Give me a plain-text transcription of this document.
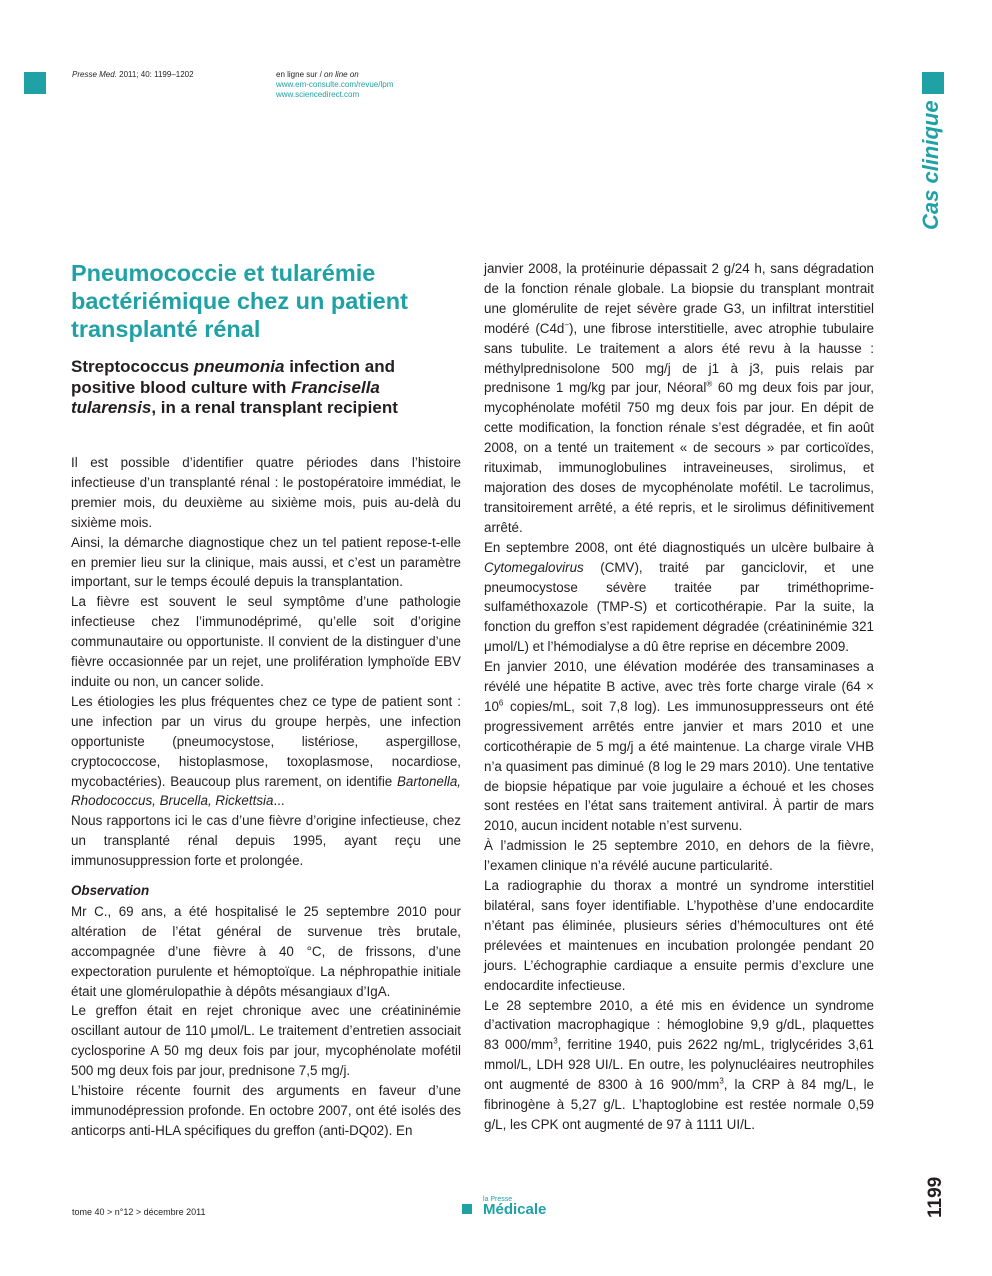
Presse Med. 2011; 40: 1199–1202	en ligne sur / on line on
www.em-consulte.com/revue/lpm
www.sciencedirect.com
Cas clinique
Pneumococcie et tularémie bactériémique chez un patient transplanté rénal
Streptococcus pneumonia infection and positive blood culture with Francisella tularensis, in a renal transplant recipient

Il est possible d’identifier quatre périodes dans l’histoire infectieuse d’un transplanté rénal : le postopératoire immédiat, le premier mois, du deuxième au sixième mois, puis au-delà du sixième mois.

Ainsi, la démarche diagnostique chez un tel patient repose-t-elle en premier lieu sur la clinique, mais aussi, et c’est un paramètre important, sur le temps écoulé depuis la transplantation.

La fièvre est souvent le seul symptôme d’une pathologie infectieuse chez l’immunodéprimé, qu’elle soit d’origine communautaire ou opportuniste. Il convient de la distinguer d’une fièvre occasionnée par un rejet, une prolifération lymphoïde EBV induite ou non, un cancer solide.

Les étiologies les plus fréquentes chez ce type de patient sont : une infection par un virus du groupe herpès, une infection opportuniste (pneumocystose, listériose, aspergillose, cryptococcose, histoplasmose, toxoplasmose, nocardiose, mycobactéries). Beaucoup plus rarement, on identifie Bartonella, Rhodococcus, Brucella, Rickettsia...

Nous rapportons ici le cas d’une fièvre d’origine infectieuse, chez un transplanté rénal depuis 1995, ayant reçu une immunosuppression forte et prolongée.

Observation

Mr C., 69 ans, a été hospitalisé le 25 septembre 2010 pour altération de l’état général de survenue très brutale, accompagnée d’une fièvre à 40 °C, de frissons, d’une expectoration purulente et hémoptoïque. La néphropathie initiale était une glomérulopathie à dépôts mésangiaux d’IgA.

Le greffon était en rejet chronique avec une créatininémie oscillant autour de 110 μmol/L. Le traitement d’entretien associait cyclosporine A 50 mg deux fois par jour, mycophénolate mofétil 500 mg deux fois par jour, prednisone 7,5 mg/j.

L’histoire récente fournit des arguments en faveur d’une immunodépression profonde. En octobre 2007, ont été isolés des anticorps anti-HLA spécifiques du greffon (anti-DQ02). En

janvier 2008, la protéinurie dépassait 2 g/24 h, sans dégradation de la fonction rénale globale. La biopsie du transplant montrait une glomérulite de rejet sévère grade G3, un infiltrat interstitiel modéré (C4d−), une fibrose interstitielle, avec atrophie tubulaire sans tubulite. Le traitement a alors été revu à la hausse : méthylprednisolone 500 mg/j de j1 à j3, puis relais par prednisone 1 mg/kg par jour, Néoral® 60 mg deux fois par jour, mycophénolate mofétil 750 mg deux fois par jour. En dépit de cette modification, la fonction rénale s’est dégradée, et fin août 2008, on a tenté un traitement « de secours » par corticoïdes, rituximab, immunoglobulines intraveineuses, sirolimus, et majoration des doses de mycophénolate mofétil. Le tacrolimus, transitoirement arrêté, a été repris, et le sirolimus définitivement arrêté.

En septembre 2008, ont été diagnostiqués un ulcère bulbaire à Cytomegalovirus (CMV), traité par ganciclovir, et une pneumocystose sévère traitée par triméthoprime-sulfaméthoxazole (TMP-S) et corticothérapie. Par la suite, la fonction du greffon s’est rapidement dégradée (créatininémie 321 μmol/L) et l’hémodialyse a dû être reprise en décembre 2009.

En janvier 2010, une élévation modérée des transaminases a révélé une hépatite B active, avec très forte charge virale ($64 \times 10^6$ copies/mL, soit 7,8 log). Les immunosuppresseurs ont été progressivement arrêtés entre janvier et mars 2010 et une corticothérapie de 5 mg/j a été maintenue. La charge virale VHB n’a quasiment pas diminué (8 log le 29 mars 2010). Une tentative de biopsie hépatique par voie jugulaire a échoué et les choses sont restées en l’état sans traitement antiviral. À partir de mars 2010, aucun incident notable n’est survenu.

À l’admission le 25 septembre 2010, en dehors de la fièvre, l’examen clinique n’a révélé aucune particularité.

La radiographie du thorax a montré un syndrome interstitiel bilatéral, sans foyer identifiable. L’hypothèse d’une endocardite n’étant pas éliminée, plusieurs séries d’hémocultures ont été prélevées et maintenues en incubation prolongée pendant 20 jours. L’échographie cardiaque a ensuite permis d’exclure une endocardite infectieuse.

Le 28 septembre 2010, a été mis en évidence un syndrome d’activation macrophagique : hémoglobine 9,9 g/dL, plaquettes 83 $000/mm^3$, ferritine 1940, puis 2622 ng/mL, triglycérides 3,61 mmol/L, LDH 928 UI/L. En outre, les polynucléaires neutrophiles ont augmenté de 8300 à 16 $900/mm^3$, la CRP à 84 mg/L, le fibrinogène à 5,27 g/L. L’haptoglobine est restée normale 0,59 g/L, les CPK ont augmenté de 97 à 1111 UI/L.

tome 40 > n°12 > décembre 2011
la Presse
Médicale	1199
